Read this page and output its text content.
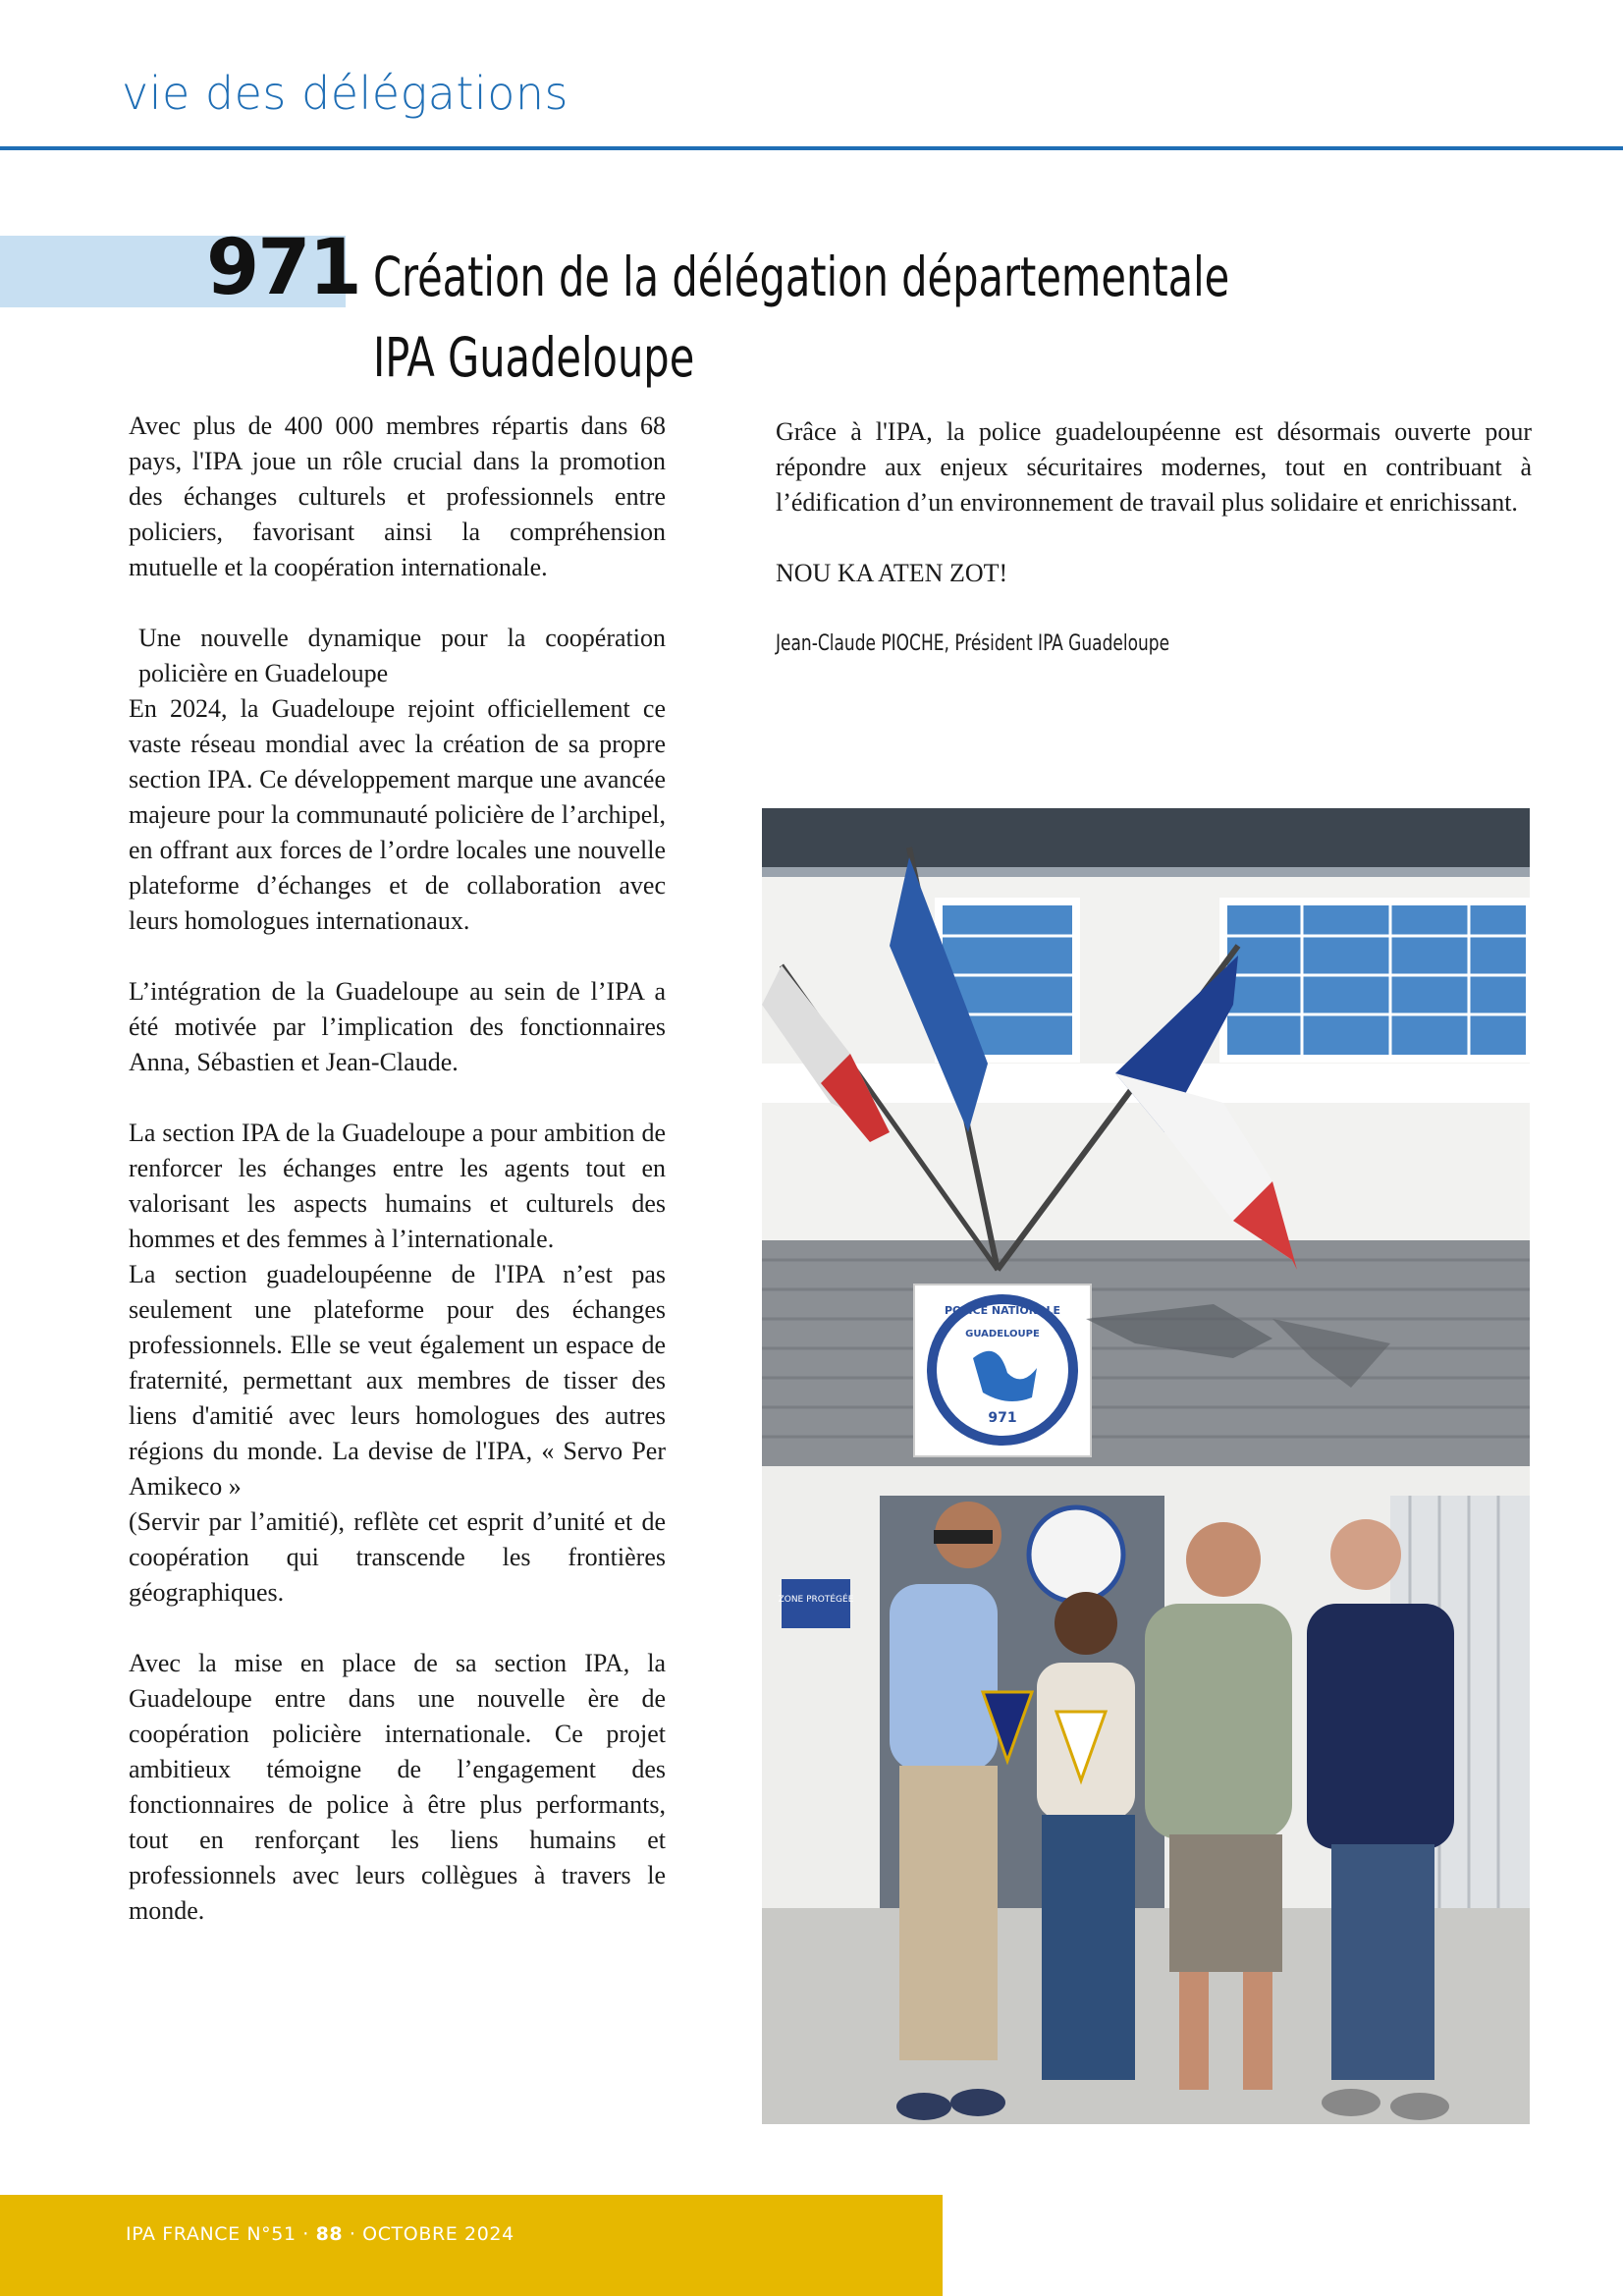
vie des délégations
971 Création de la délégation départementale
IPA Guadeloupe

Avec plus de 400 000 membres répartis dans 68 pays, l'IPA joue un rôle crucial dans la promotion des échanges culturels et professionnels entre policiers, favorisant ainsi la compréhension mutuelle et la coopération internationale.

Une nouvelle dynamique pour la coopération policière en Guadeloupe

En 2024, la Guadeloupe rejoint officiellement ce vaste réseau mondial avec la création de sa propre section IPA. Ce développement marque une avancée majeure pour la communauté policière de l’archipel, en offrant aux forces de l’ordre locales une nouvelle plateforme d’échanges et de collaboration avec leurs homologues internationaux.

L’intégration de la Guadeloupe au sein de l’IPA a été motivée par l’implication des fonctionnaires Anna, Sébastien et Jean-Claude.

La section IPA de la Guadeloupe a pour ambition de renforcer les échanges entre les agents tout en valorisant les aspects humains et culturels des hommes et des femmes à l’internationale.

La section guadeloupéenne de l'IPA n’est pas seulement une plateforme pour des échanges professionnels. Elle se veut également un espace de fraternité, permettant aux membres de tisser des liens d'amitié avec leurs homologues des autres régions du monde. La devise de l'IPA, « Servo Per Amikeco »

(Servir par l’amitié), reflète cet esprit d’unité et de coopération qui transcende les frontières géographiques.

Avec la mise en place de sa section IPA, la Guadeloupe entre dans une nouvelle ère de coopération policière internationale. Ce projet ambitieux témoigne de l’engagement des fonctionnaires de police à être plus performants, tout en renforçant les liens humains et professionnels avec leurs collègues à travers le monde.

Grâce à l'IPA, la police guadeloupéenne est désormais ouverte pour répondre aux enjeux sécuritaires modernes, tout en contribuant à l’édification d’un environnement de travail plus solidaire et enrichissant.

NOU KA ATEN ZOT!

Jean-Claude PIOCHE, Président IPA Guadeloupe
POLICE NATIONALE
GUADELOUPE
971
ZONE PROTÉGÉE
IPA FRANCE N°51 · 88 · OCTOBRE 2024
